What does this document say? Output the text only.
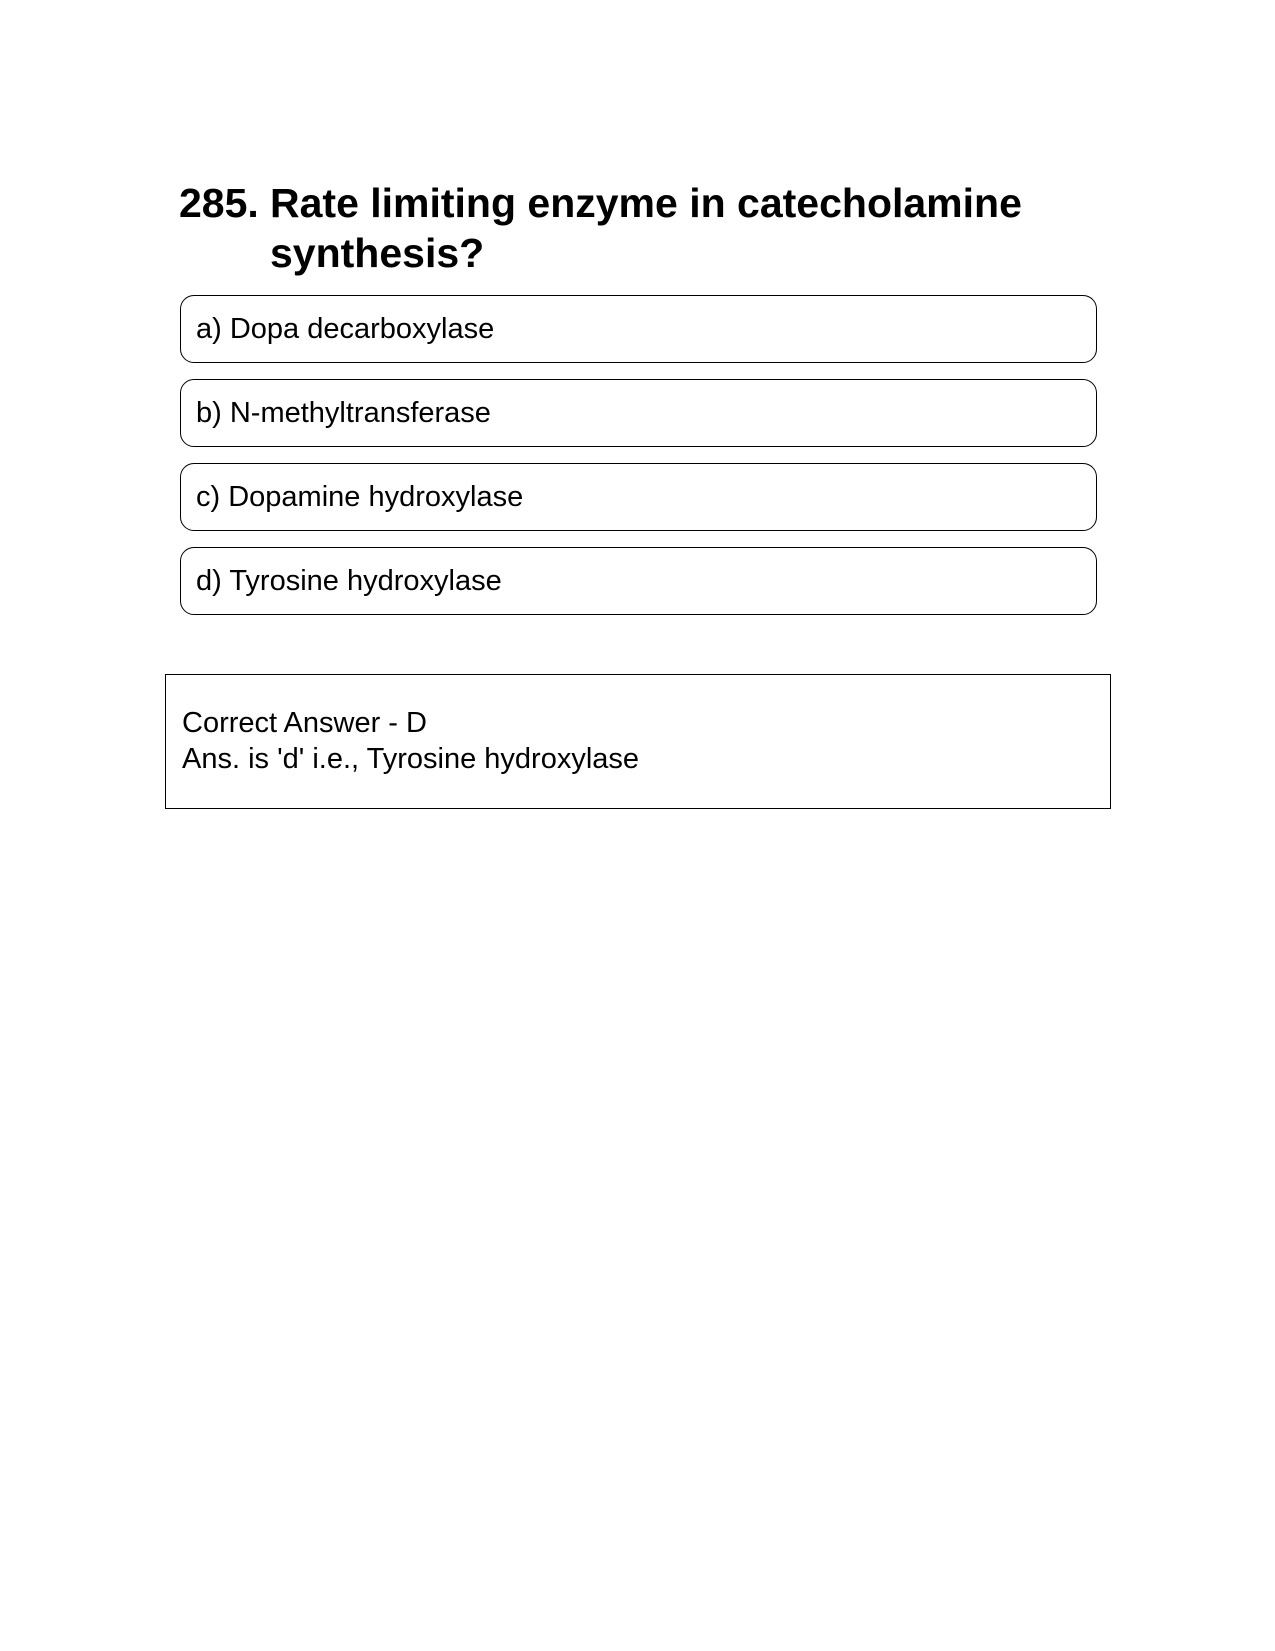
285. Rate limiting enzyme in catecholamine synthesis?
a) Dopa decarboxylase
b) N-methyltransferase
c) Dopamine hydroxylase
d) Tyrosine hydroxylase
Correct Answer - D
Ans. is 'd' i.e., Tyrosine hydroxylase
